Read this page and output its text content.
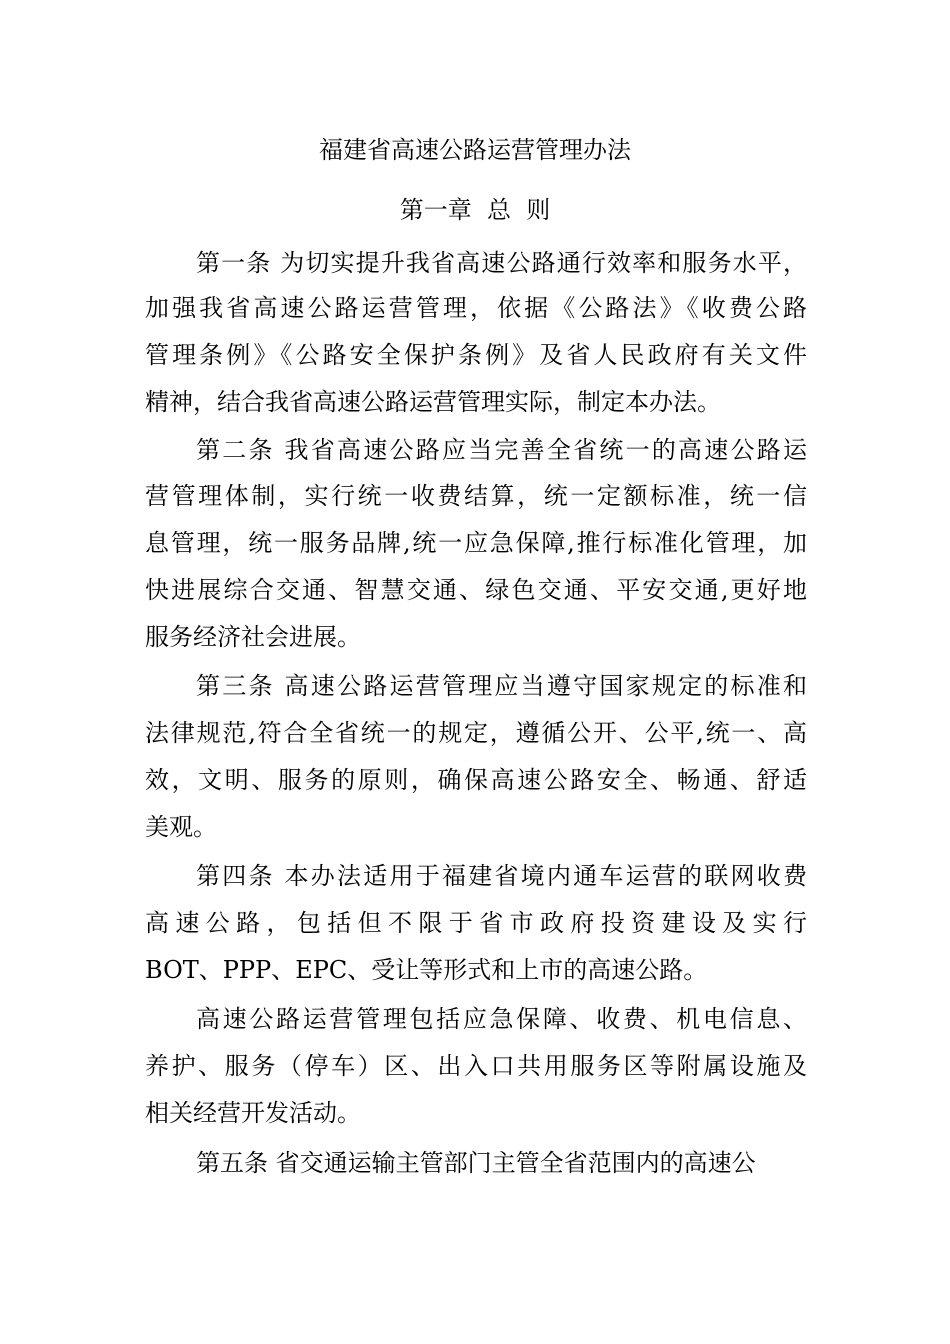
福建省高速公路运营管理办法
第一章  总  则
第一条 为切实提升我省高速公路通行效率和服务水平，
加强我省高速公路运营管理，依据《公路法》《收费公路
管理条例》《公路安全保护条例》及省人民政府有关文件
精神，结合我省高速公路运营管理实际，制定本办法。
第二条 我省高速公路应当完善全省统一的高速公路运
营管理体制，实行统一收费结算，统一定额标准，统一信
息管理，统一服务品牌,统一应急保障,推行标准化管理，加
快进展综合交通、智慧交通、绿色交通、平安交通,更好地
服务经济社会进展。
第三条 高速公路运营管理应当遵守国家规定的标准和
法律规范,符合全省统一的规定，遵循公开、公平,统一、高
效，文明、服务的原则，确保高速公路安全、畅通、舒适
美观。
第四条 本办法适用于福建省境内通车运营的联网收费
高速公路，包括但不限于省市政府投资建设及实行
BOT、PPP、EPC、受让等形式和上市的高速公路。
高速公路运营管理包括应急保障、收费、机电信息、
养护、服务（停车）区、出入口共用服务区等附属设施及
相关经营开发活动。
第五条 省交通运输主管部门主管全省范围内的高速公
